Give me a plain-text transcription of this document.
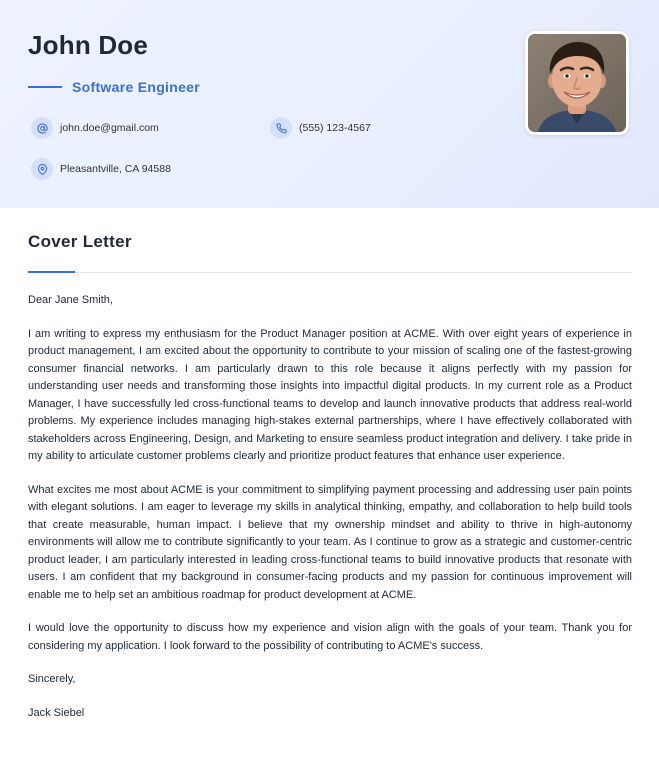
John Doe
Software Engineer
john.doe@gmail.com	(555) 123-4567
Pleasantville, CA 94588
Cover Letter

Dear Jane Smith,

I am writing to express my enthusiasm for the Product Manager position at ACME. With over eight years of experience in product management, I am excited about the opportunity to contribute to your mission of scaling one of the fastest-growing consumer financial networks. I am particularly drawn to this role because it aligns perfectly with my passion for understanding user needs and transforming those insights into impactful digital products. In my current role as a Product Manager, I have successfully led cross-functional teams to develop and launch innovative products that address real-world problems. My experience includes managing high-stakes external partnerships, where I have effectively collaborated with stakeholders across Engineering, Design, and Marketing to ensure seamless product integration and delivery. I take pride in my ability to articulate customer problems clearly and prioritize product features that enhance user experience.

What excites me most about ACME is your commitment to simplifying payment processing and addressing user pain points with elegant solutions. I am eager to leverage my skills in analytical thinking, empathy, and collaboration to help build tools that create measurable, human impact. I believe that my ownership mindset and ability to thrive in high-autonomy environments will allow me to contribute significantly to your team. As I continue to grow as a strategic and customer-centric product leader, I am particularly interested in leading cross-functional teams to build innovative products that resonate with users. I am confident that my background in consumer-facing products and my passion for continuous improvement will enable me to help set an ambitious roadmap for product development at ACME.

I would love the opportunity to discuss how my experience and vision align with the goals of your team. Thank you for considering my application. I look forward to the possibility of contributing to ACME's success.

Sincerely,

Jack Siebel
